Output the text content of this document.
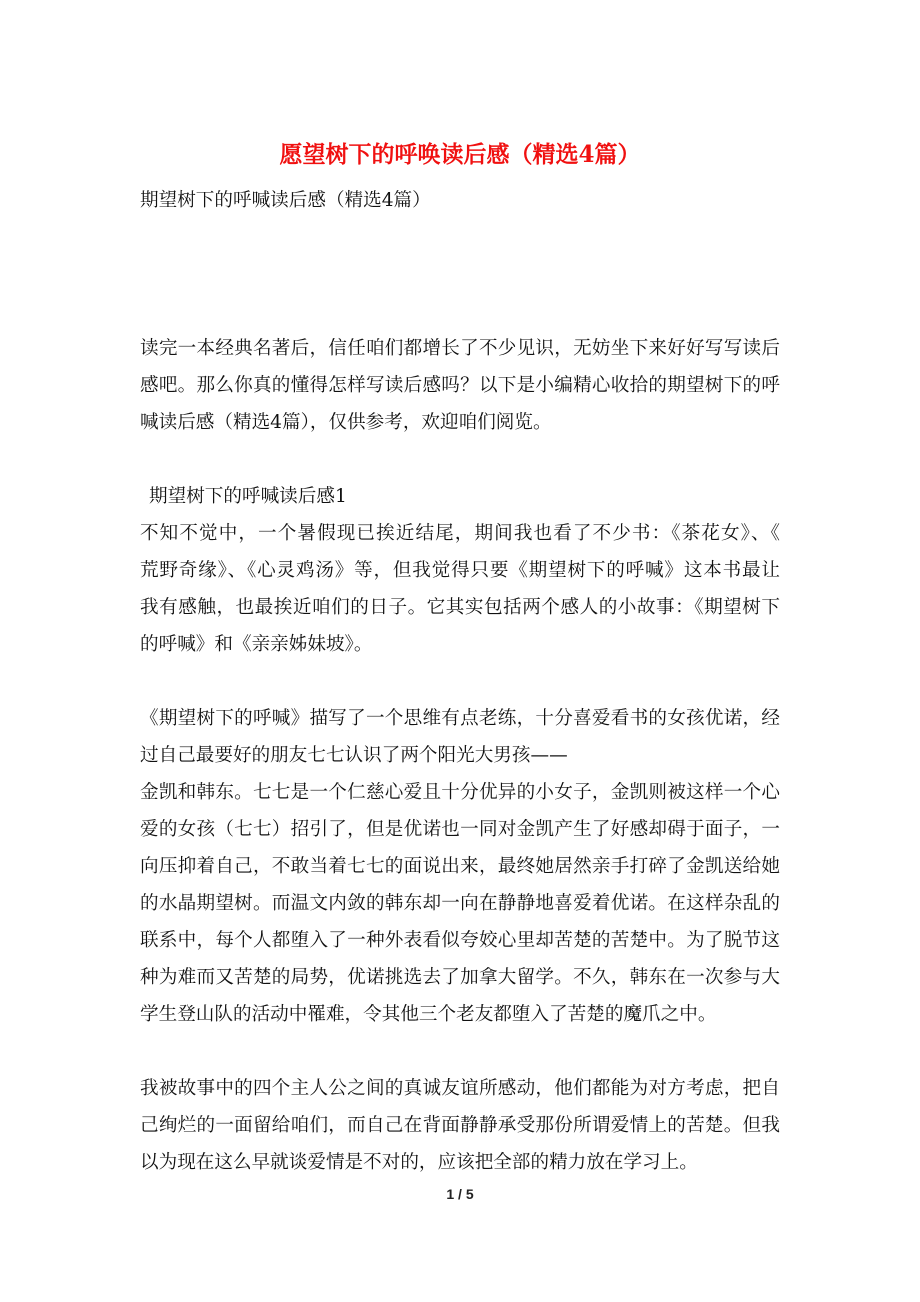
愿望树下的呼唤读后感（精选4篇）
期望树下的呼喊读后感（精选4篇）
读完一本经典名著后，信任咱们都增长了不少见识，无妨坐下来好好写写读后
感吧。那么你真的懂得怎样写读后感吗？以下是小编精心收拾的期望树下的呼
喊读后感（精选4篇），仅供参考，欢迎咱们阅览。
期望树下的呼喊读后感1
不知不觉中，一个暑假现已挨近结尾，期间我也看了不少书：《茶花女》、《
荒野奇缘》、《心灵鸡汤》等，但我觉得只要《期望树下的呼喊》这本书最让
我有感触，也最挨近咱们的日子。它其实包括两个感人的小故事：《期望树下
的呼喊》和《亲亲姊妹坡》。
《期望树下的呼喊》描写了一个思维有点老练，十分喜爱看书的女孩优诺，经
过自己最要好的朋友七七认识了两个阳光大男孩——
金凯和韩东。七七是一个仁慈心爱且十分优异的小女子，金凯则被这样一个心
爱的女孩（七七）招引了，但是优诺也一同对金凯产生了好感却碍于面子，一
向压抑着自己，不敢当着七七的面说出来，最终她居然亲手打碎了金凯送给她
的水晶期望树。而温文内敛的韩东却一向在静静地喜爱着优诺。在这样杂乱的
联系中，每个人都堕入了一种外表看似夸姣心里却苦楚的苦楚中。为了脱节这
种为难而又苦楚的局势，优诺挑选去了加拿大留学。不久，韩东在一次参与大
学生登山队的活动中罹难，令其他三个老友都堕入了苦楚的魔爪之中。
我被故事中的四个主人公之间的真诚友谊所感动，他们都能为对方考虑，把自
己绚烂的一面留给咱们，而自己在背面静静承受那份所谓爱情上的苦楚。但我
以为现在这么早就谈爱情是不对的，应该把全部的精力放在学习上。
1 / 5
